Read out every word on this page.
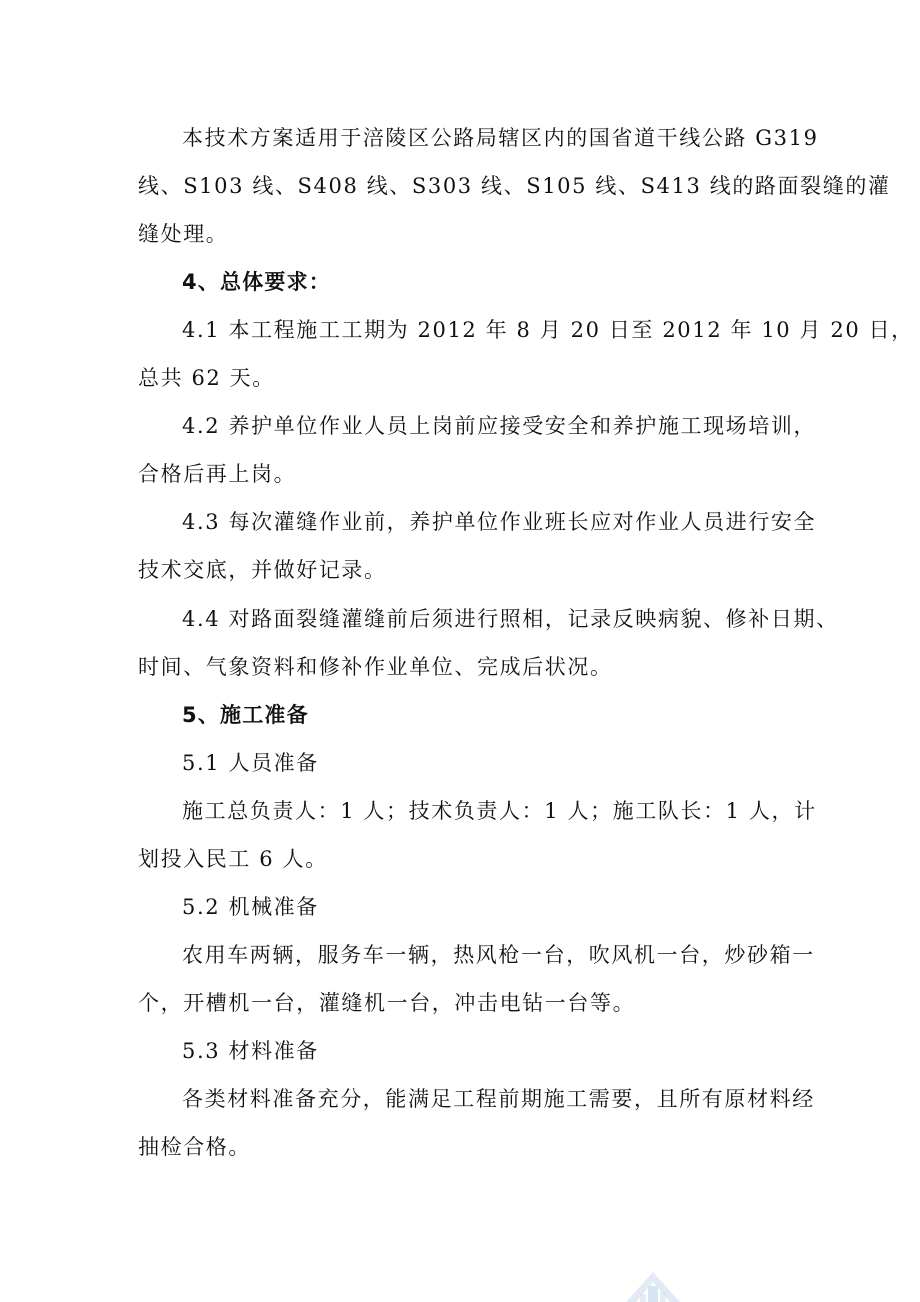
本技术方案适用于涪陵区公路局辖区内的国省道干线公路 G319
线、S103 线、S408 线、S303 线、S105 线、S413 线的路面裂缝的灌
缝处理。
4、总体要求：
4.1 本工程施工工期为 2012 年 8 月 20 日至 2012 年 10 月 20 日，
总共 62 天。
4.2 养护单位作业人员上岗前应接受安全和养护施工现场培训，
合格后再上岗。
4.3 每次灌缝作业前，养护单位作业班长应对作业人员进行安全
技术交底，并做好记录。
4.4 对路面裂缝灌缝前后须进行照相，记录反映病貌、修补日期、
时间、气象资料和修补作业单位、完成后状况。
5、施工准备
5.1 人员准备
施工总负责人：1 人；技术负责人：1 人；施工队长：1 人，计
划投入民工 6 人。
5.2 机械准备
农用车两辆，服务车一辆，热风枪一台，吹风机一台，炒砂箱一
个，开槽机一台，灌缝机一台，冲击电钻一台等。
5.3 材料准备
各类材料准备充分，能满足工程前期施工需要，且所有原材料经
抽检合格。
